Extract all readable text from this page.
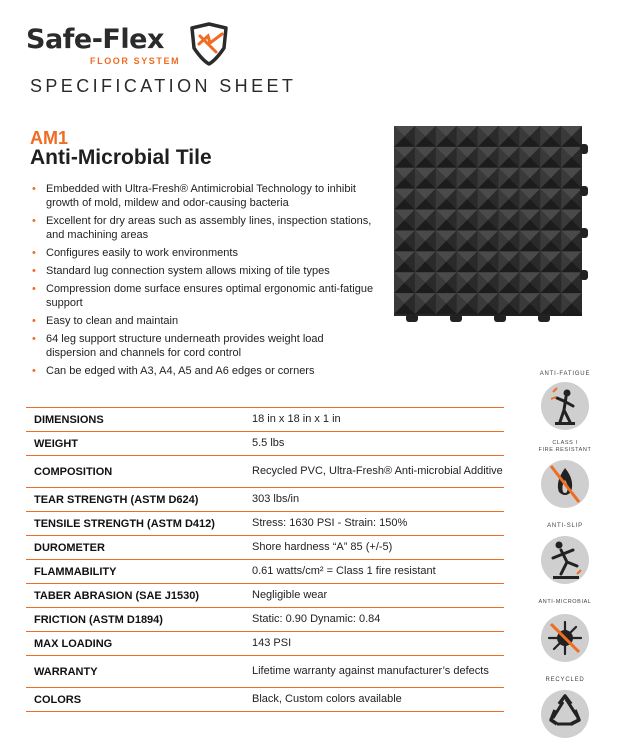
Safe-Flex
FLOOR SYSTEM
SPECIFICATION SHEET
AM1
Anti-Microbial Tile
• Embedded with Ultra-Fresh® Antimicrobial Technology to inhibit growth of mold, mildew and odor-causing bacteria
• Excellent for dry areas such as assembly lines, inspection stations, and machining areas
• Configures easily to work environments
• Standard lug connection system allows mixing of tile types
• Compression dome surface ensures optimal ergonomic anti-fatigue support
• Easy to clean and maintain
• 64 leg support structure underneath provides weight load dispersion and channels for cord control
• Can be edged with A3, A4, A5 and A6 edges or corners
DIMENSIONS	18 in x 18 in x 1 in
WEIGHT	5.5 lbs
COMPOSITION	Recycled PVC, Ultra-Fresh® Anti-microbial Additive
TEAR STRENGTH (ASTM D624)	303 lbs/in
TENSILE STRENGTH (ASTM D412)	Stress: 1630 PSI - Strain: 150%
DUROMETER	Shore hardness “A” 85 (+/-5)
FLAMMABILITY	0.61 watts/cm² = Class 1 fire resistant
TABER ABRASION (SAE J1530)	Negligible wear
FRICTION (ASTM D1894)	Static: 0.90 Dynamic: 0.84
MAX LOADING	143 PSI
WARRANTY	Lifetime warranty against manufacturer’s defects
COLORS	Black, Custom colors available
ANTI-FATIGUE
CLASS I
FIRE RESISTANT
ANTI-SLIP
ANTI-MICROBIAL
RECYCLED
